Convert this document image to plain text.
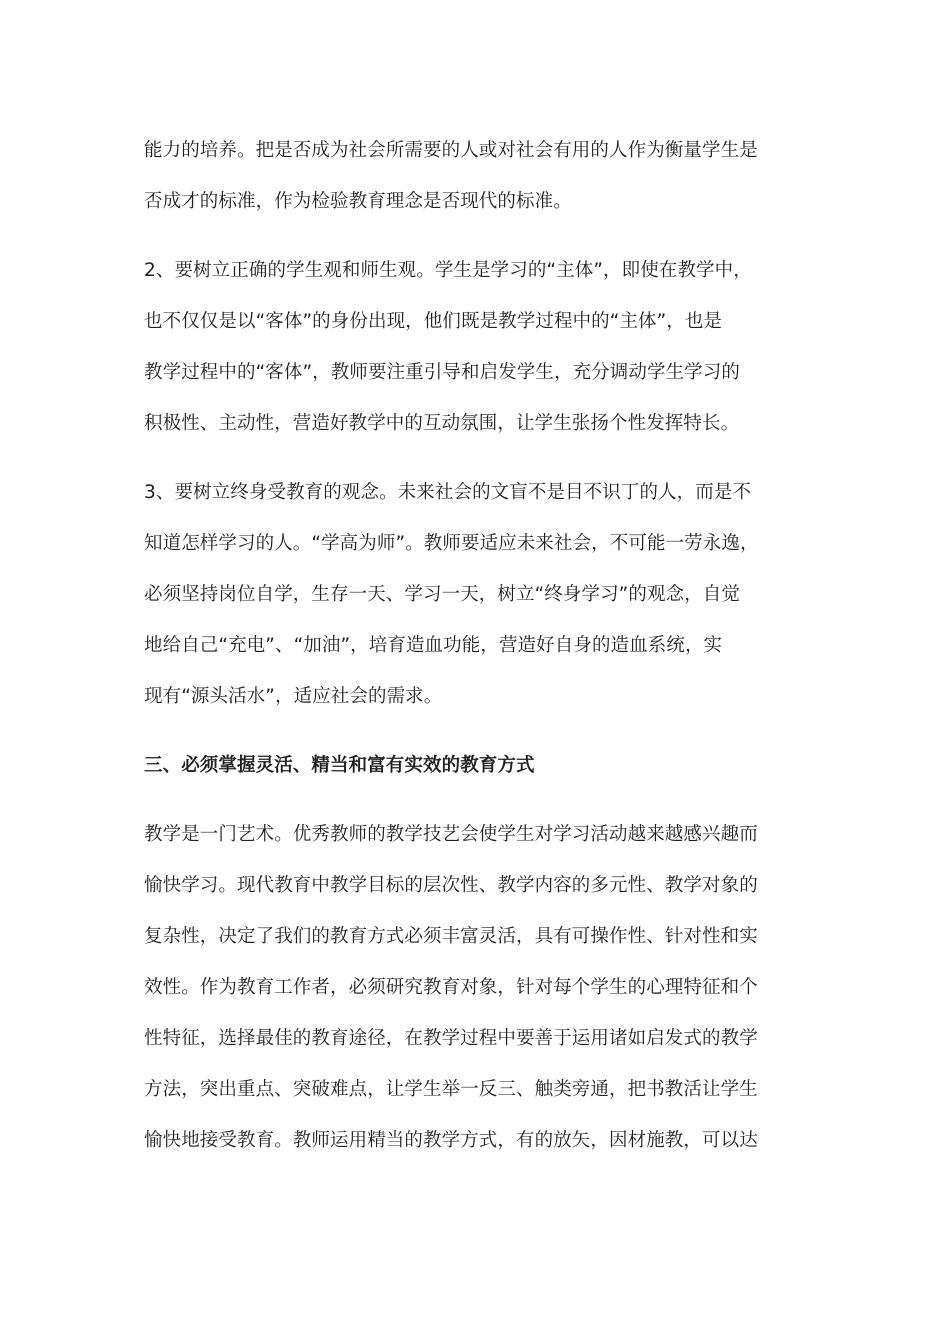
能力的培养。把是否成为社会所需要的人或对社会有用的人作为衡量学生是
否成才的标准，作为检验教育理念是否现代的标准。
2、要树立正确的学生观和师生观。学生是学习的“主体”，即使在教学中，
也不仅仅是以“客体”的身份出现，他们既是教学过程中的“主体”，也是
教学过程中的“客体”，教师要注重引导和启发学生，充分调动学生学习的
积极性、主动性，营造好教学中的互动氛围，让学生张扬个性发挥特长。
3、要树立终身受教育的观念。未来社会的文盲不是目不识丁的人，而是不
知道怎样学习的人。“学高为师”。教师要适应未来社会，不可能一劳永逸，
必须坚持岗位自学，生存一天、学习一天，树立“终身学习”的观念，自觉
地给自己“充电”、“加油”，培育造血功能，营造好自身的造血系统，实
现有“源头活水”，适应社会的需求。
三、必须掌握灵活、精当和富有实效的教育方式
教学是一门艺术。优秀教师的教学技艺会使学生对学习活动越来越感兴趣而
愉快学习。现代教育中教学目标的层次性、教学内容的多元性、教学对象的
复杂性，决定了我们的教育方式必须丰富灵活，具有可操作性、针对性和实
效性。作为教育工作者，必须研究教育对象，针对每个学生的心理特征和个
性特征，选择最佳的教育途径，在教学过程中要善于运用诸如启发式的教学
方法，突出重点、突破难点，让学生举一反三、触类旁通，把书教活让学生
愉快地接受教育。教师运用精当的教学方式，有的放矢，因材施教，可以达
